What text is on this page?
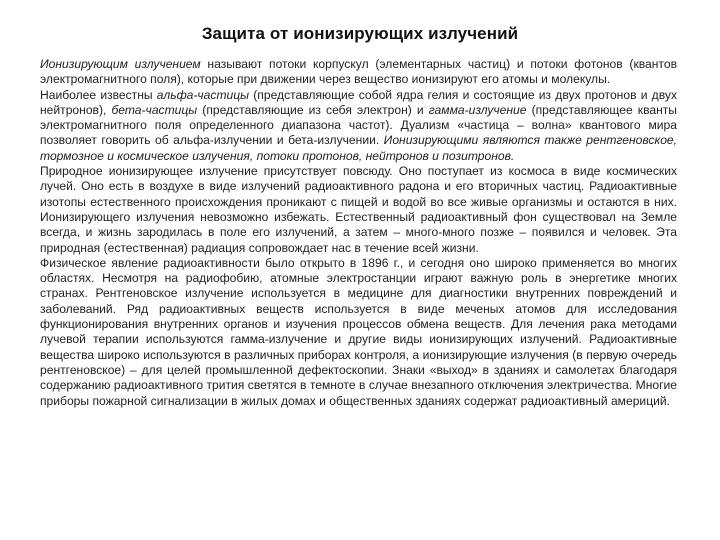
Защита от ионизирующих излучений

Ионизирующим излучением называют потоки корпускул (элементарных частиц) и потоки фотонов (квантов электромагнитного поля), которые при движении через вещество ионизируют его атомы и молекулы.

Наиболее известны альфа-частицы (представляющие собой ядра гелия и состоящие из двух протонов и двух нейтронов), бета-частицы (представляющие из себя электрон) и гамма-излучение (представляющее кванты электромагнитного поля определенного диапазона частот). Дуализм «частица – волна» квантового мира позволяет говорить об альфа-излучении и бета-излучении. Ионизирующими являются также рентгеновское, тормозное и космическое излучения, потоки протонов, нейтронов и позитронов.

Природное ионизирующее излучение присутствует повсюду. Оно поступает из космоса в виде космических лучей. Оно есть в воздухе в виде излучений радиоактивного радона и его вторичных частиц. Радиоактивные изотопы естественного происхождения проникают с пищей и водой во все живые организмы и остаются в них. Ионизирующего излучения невозможно избежать. Естественный радиоактивный фон существовал на Земле всегда, и жизнь зародилась в поле его излучений, а затем – много-много позже – появился и человек. Эта природная (естественная) радиация сопровождает нас в течение всей жизни.

Физическое явление радиоактивности было открыто в 1896 г., и сегодня оно широко применяется во многих областях. Несмотря на радиофобию, атомные электростанции играют важную роль в энергетике многих странах. Рентгеновское излучение используется в медицине для диагностики внутренних повреждений и заболеваний. Ряд радиоактивных веществ используется в виде меченых атомов для исследования функционирования внутренних органов и изучения процессов обмена веществ. Для лечения рака методами лучевой терапии используются гамма-излучение и другие виды ионизирующих излучений. Радиоактивные вещества широко используются в различных приборах контроля, а ионизирующие излучения (в первую очередь рентгеновское) – для целей промышленной дефектоскопии. Знаки «выход» в зданиях и самолетах благодаря содержанию радиоактивного трития светятся в темноте в случае внезапного отключения электричества. Многие приборы пожарной сигнализации в жилых домах и общественных зданиях содержат радиоактивный америций.
